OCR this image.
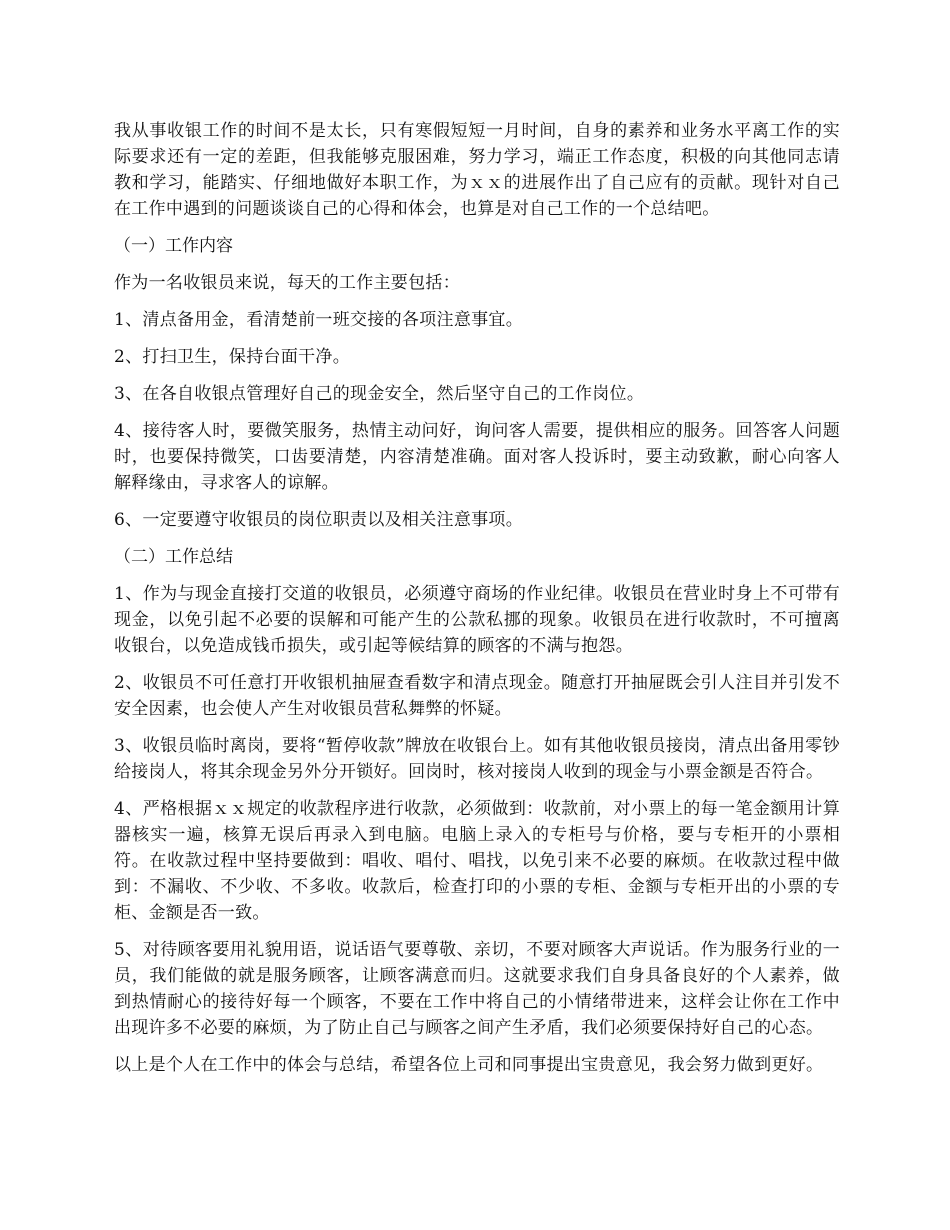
我从事收银工作的时间不是太长，只有寒假短短一月时间，自身的素养和业务水平离工作的实际要求还有一定的差距，但我能够克服困难，努力学习，端正工作态度，积极的向其他同志请教和学习，能踏实、仔细地做好本职工作，为ｘｘ的进展作出了自己应有的贡献。现针对自己在工作中遇到的问题谈谈自己的心得和体会，也算是对自己工作的一个总结吧。

（一）工作内容

作为一名收银员来说，每天的工作主要包括：

1、清点备用金，看清楚前一班交接的各项注意事宜。

2、打扫卫生，保持台面干净。

3、在各自收银点管理好自己的现金安全，然后坚守自己的工作岗位。

4、接待客人时，要微笑服务，热情主动问好，询问客人需要，提供相应的服务。回答客人问题时，也要保持微笑，口齿要清楚，内容清楚准确。面对客人投诉时，要主动致歉，耐心向客人解释缘由，寻求客人的谅解。

6、一定要遵守收银员的岗位职责以及相关注意事项。

（二）工作总结

1、作为与现金直接打交道的收银员，必须遵守商场的作业纪律。收银员在营业时身上不可带有现金，以免引起不必要的误解和可能产生的公款私挪的现象。收银员在进行收款时，不可擅离收银台，以免造成钱币损失，或引起等候结算的顾客的不满与抱怨。

2、收银员不可任意打开收银机抽屉查看数字和清点现金。随意打开抽屉既会引人注目并引发不安全因素，也会使人产生对收银员营私舞弊的怀疑。

3、收银员临时离岗，要将“暂停收款”牌放在收银台上。如有其他收银员接岗，清点出备用零钞给接岗人，将其余现金另外分开锁好。回岗时，核对接岗人收到的现金与小票金额是否符合。

4、严格根据ｘｘ规定的收款程序进行收款，必须做到：收款前，对小票上的每一笔金额用计算器核实一遍，核算无误后再录入到电脑。电脑上录入的专柜号与价格，要与专柜开的小票相符。在收款过程中坚持要做到：唱收、唱付、唱找，以免引来不必要的麻烦。在收款过程中做到：不漏收、不少收、不多收。收款后，检查打印的小票的专柜、金额与专柜开出的小票的专柜、金额是否一致。

5、对待顾客要用礼貌用语，说话语气要尊敬、亲切，不要对顾客大声说话。作为服务行业的一员，我们能做的就是服务顾客，让顾客满意而归。这就要求我们自身具备良好的个人素养，做到热情耐心的接待好每一个顾客，不要在工作中将自己的小情绪带进来，这样会让你在工作中出现许多不必要的麻烦，为了防止自己与顾客之间产生矛盾，我们必须要保持好自己的心态。

以上是个人在工作中的体会与总结，希望各位上司和同事提出宝贵意见，我会努力做到更好。
